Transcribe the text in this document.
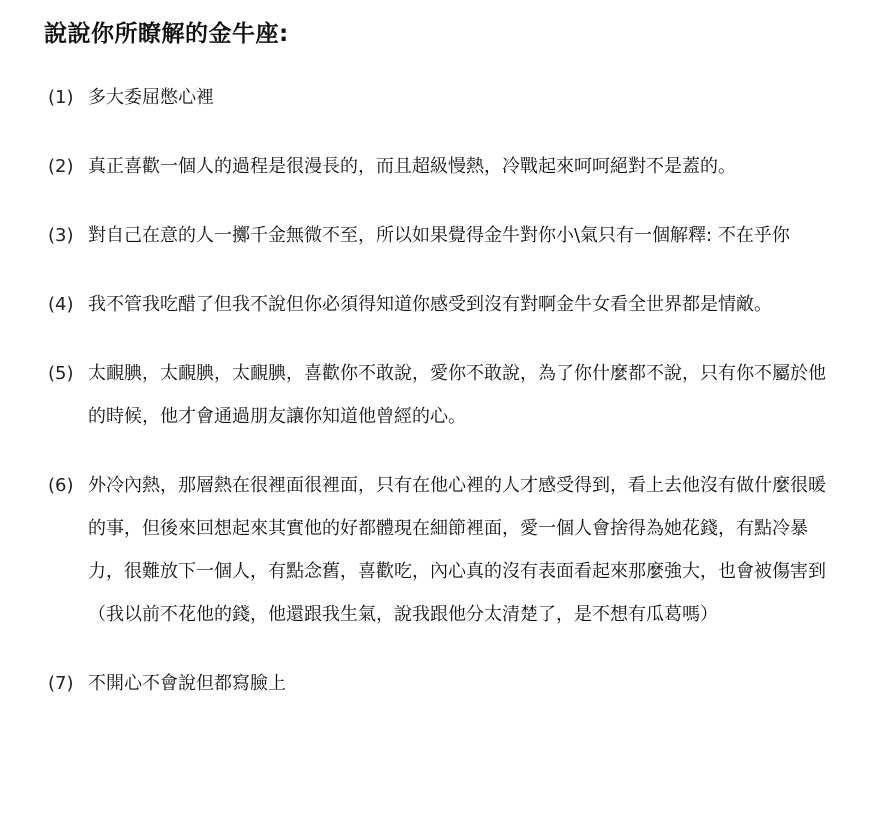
說說你所瞭解的金牛座:
(1) 多大委屈憋心裡
(2) 真正喜歡一個人的過程是很漫長的，而且超級慢熱，冷戰起來呵呵絕對不是蓋的。
(3) 對自己在意的人一擲千金無微不至，所以如果覺得金牛對你小\氣只有一個解釋: 不在乎你
(4) 我不管我吃醋了但我不說但你必須得知道你感受到沒有對啊金牛女看全世界都是情敵。
(5) 太靦腆，太靦腆，太靦腆，喜歡你不敢說，愛你不敢說，為了你什麼都不說，只有你不屬於他的時候，他才會通過朋友讓你知道他曾經的心。
(6) 外冷內熱，那層熱在很裡面很裡面，只有在他心裡的人才感受得到，看上去他沒有做什麼很暖的事，但後來回想起來其實他的好都體現在細節裡面，愛一個人會捨得為她花錢，有點冷暴力，很難放下一個人，有點念舊，喜歡吃，內心真的沒有表面看起來那麼強大，也會被傷害到（我以前不花他的錢，他還跟我生氣，說我跟他分太清楚了，是不想有瓜葛嗎）
(7) 不開心不會說但都寫臉上
